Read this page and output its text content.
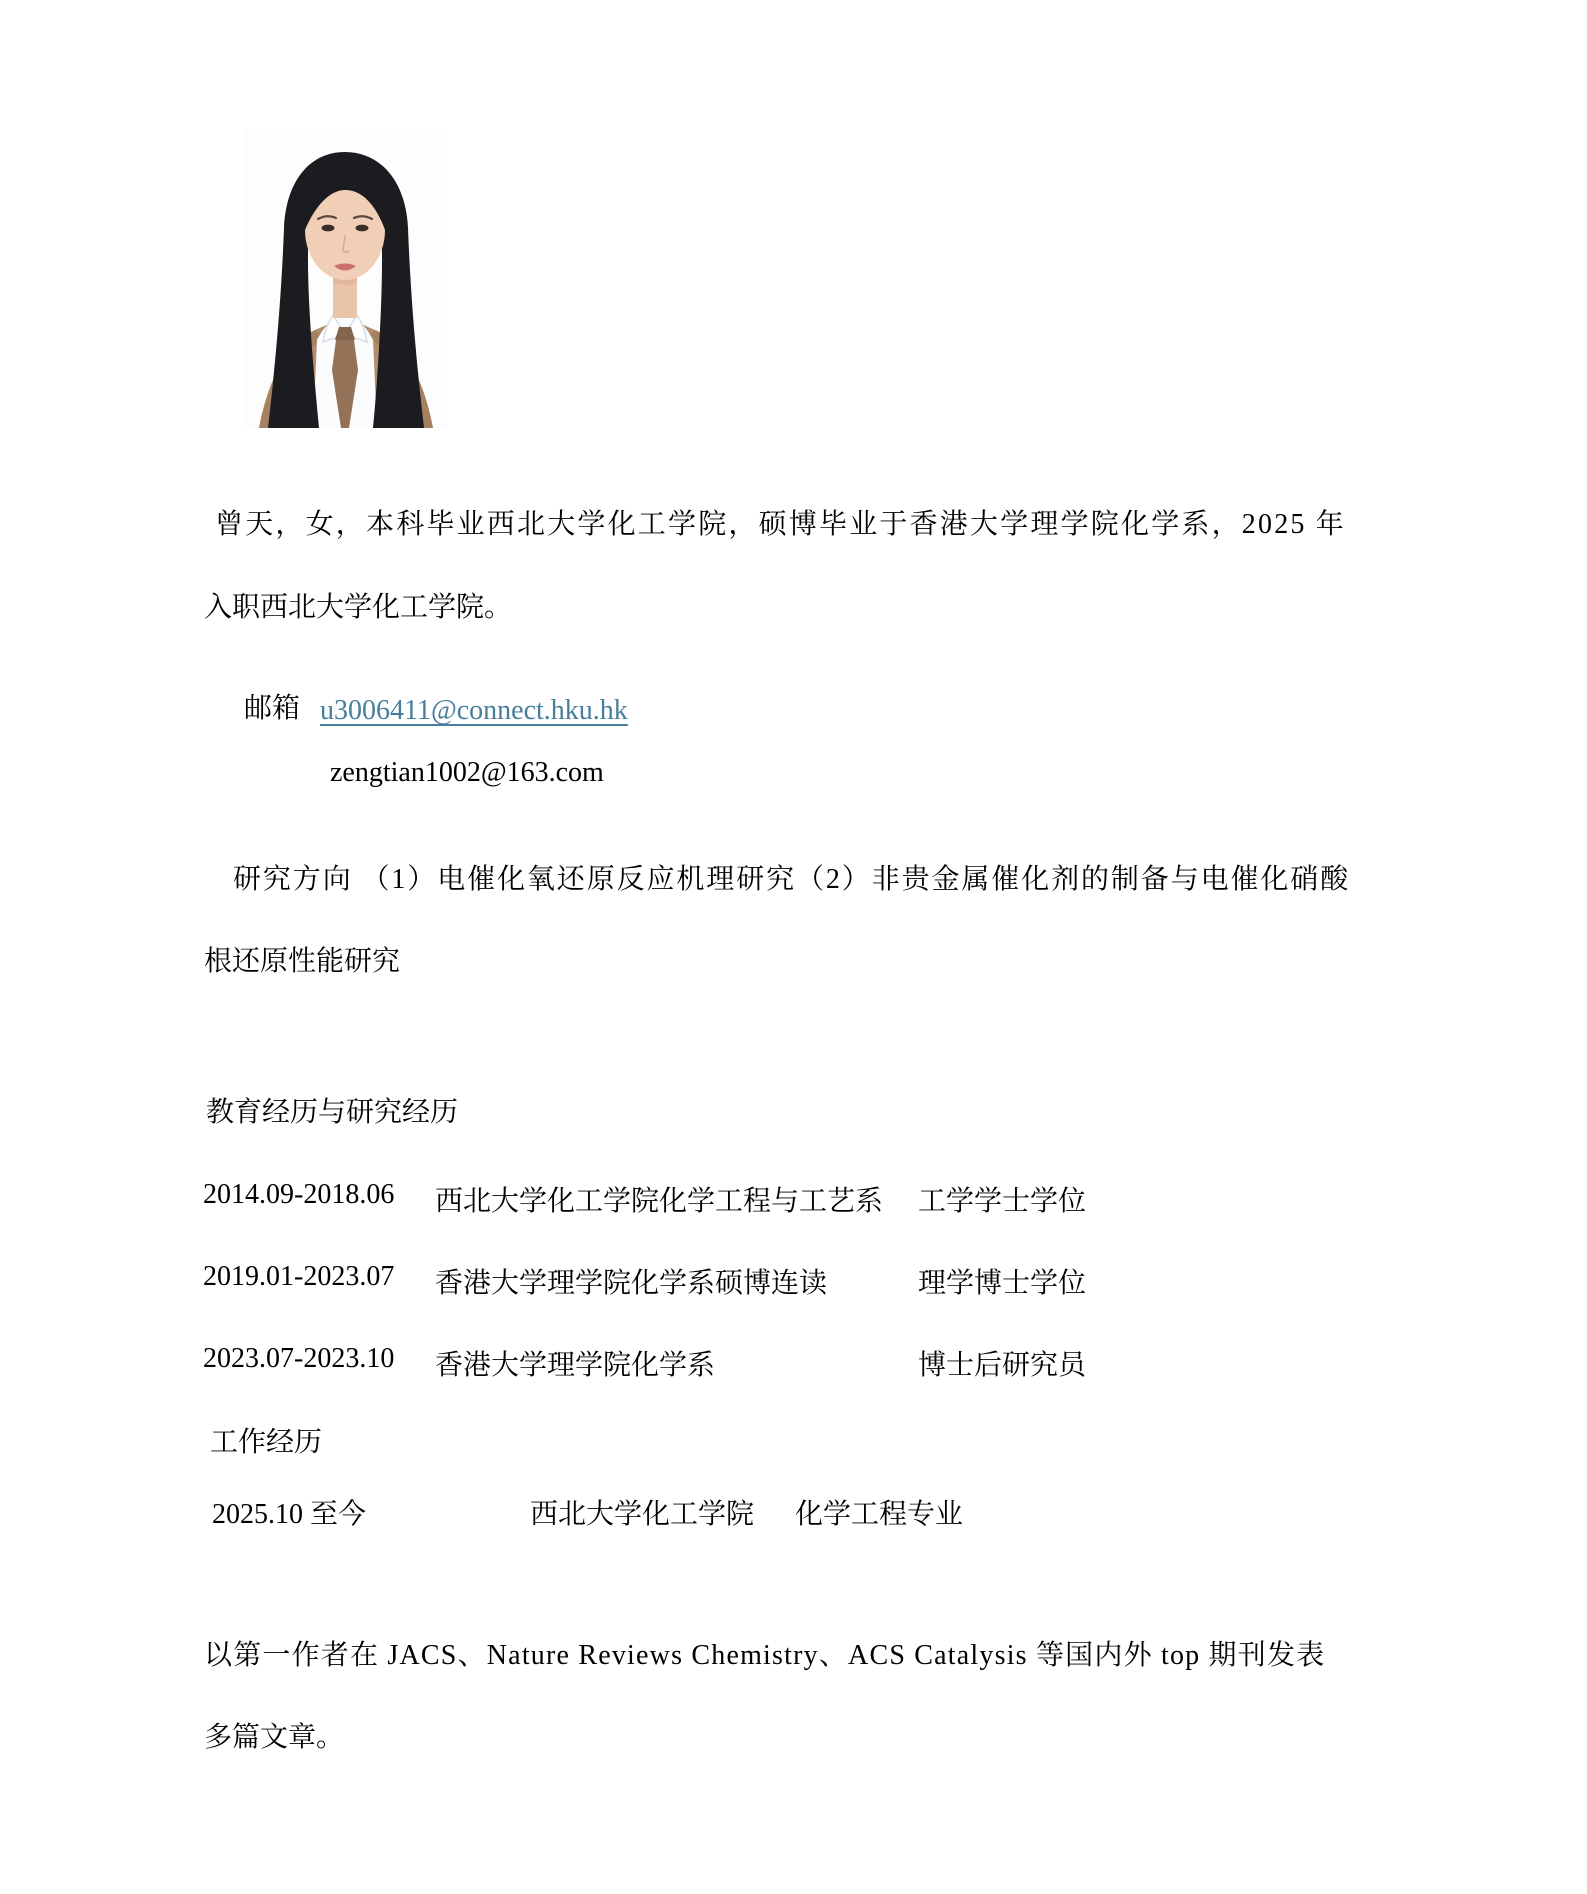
曾天，女，本科毕业西北大学化工学院，硕博毕业于香港大学理学院化学系，2025 年
入职西北大学化工学院。
邮箱 u3006411@connect.hku.hk
zengtian1002@163.com
研究方向 （1）电催化氧还原反应机理研究（2）非贵金属催化剂的制备与电催化硝酸
根还原性能研究
教育经历与研究经历
2014.09-2018.06 西北大学化工学院化学工程与工艺系 工学学士学位
2019.01-2023.07 香港大学理学院化学系硕博连读	理学博士学位
2023.07-2023.10 香港大学理学院化学系	博士后研究员
工作经历
2025.10 至今	西北大学化工学院 化学工程专业
以第一作者在 JACS、Nature Reviews Chemistry、ACS Catalysis 等国内外 top 期刊发表
多篇文章。
